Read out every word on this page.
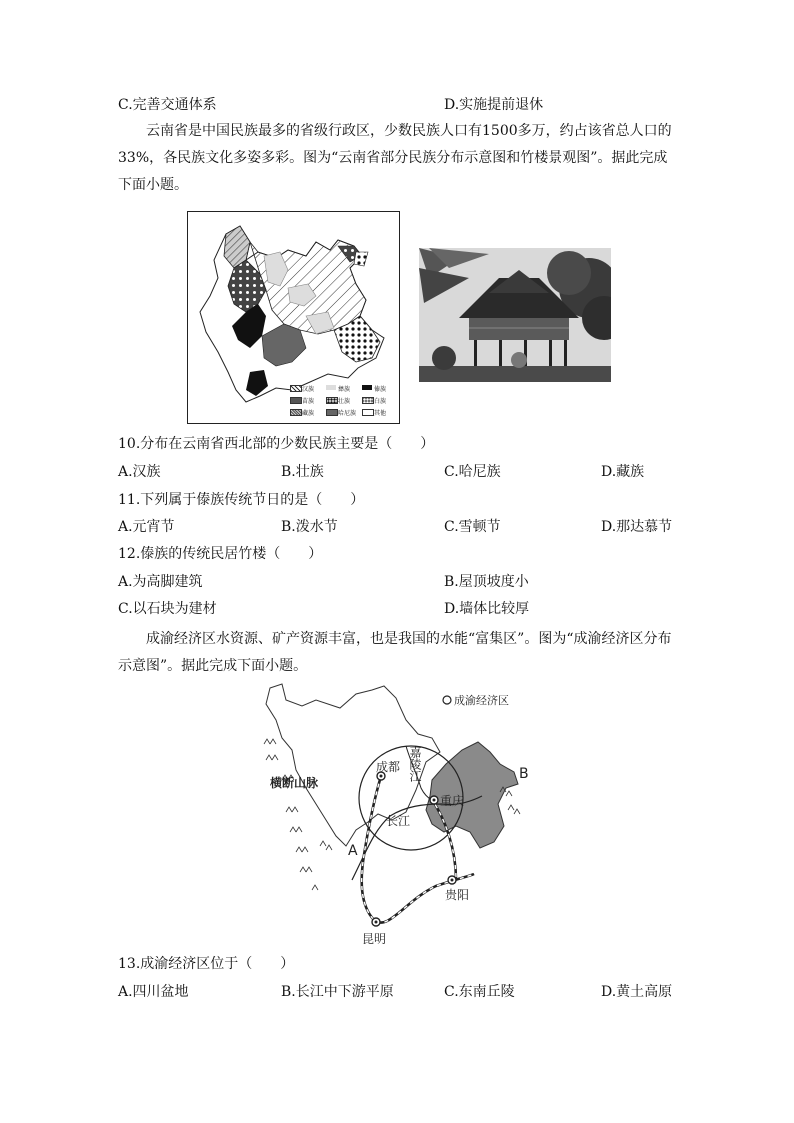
C.完善交通体系	D.实施提前退休
云南省是中国民族最多的省级行政区，少数民族人口有1500多万，约占该省总人口的33%，各民族文化多姿多彩。图为“云南省部分民族分布示意图和竹楼景观图”。据此完成下面小题。
汉族	彝族	傣族
苗族	壮族	白族
藏族	哈尼族	其他
10.分布在云南省西北部的少数民族主要是（　　）
A.汉族	B.壮族	C.哈尼族	D.藏族
11.下列属于傣族传统节日的是（　　）
A.元宵节	B.泼水节	C.雪顿节	D.那达慕节
12.傣族的传统民居竹楼（　　）
A.为高脚建筑	B.屋顶坡度小
C.以石块为建材	D.墙体比较厚
成渝经济区水资源、矿产资源丰富，也是我国的水能“富集区”。图为“成渝经济区分布示意图”。据此完成下面小题。
成渝经济区
横断山脉
嘉陵江
成都
重庆
长江
贵阳
昆明
A
B
13.成渝经济区位于（　　）
A.四川盆地	B.长江中下游平原	C.东南丘陵	D.黄土高原
